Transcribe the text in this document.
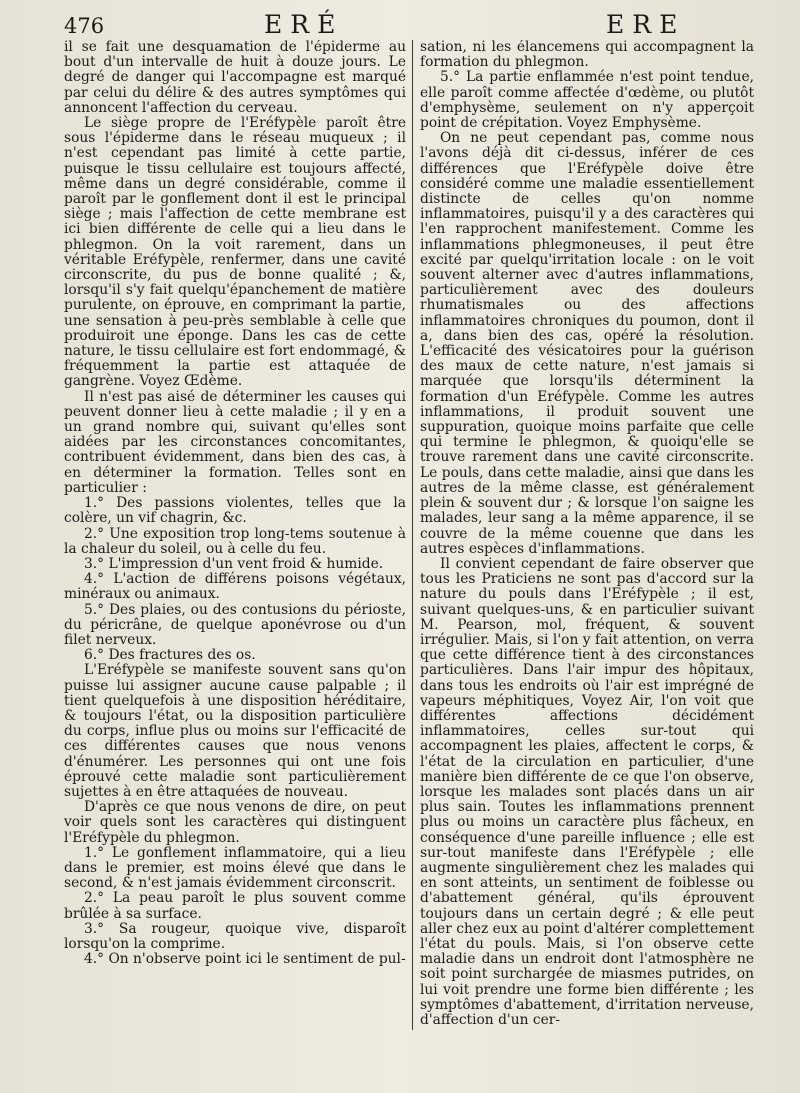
476	ERÉ	ERE

il se fait une desquamation de l'épiderme au bout d'un intervalle de huit à douze jours. Le degré de danger qui l'accompagne est marqué par celui du délire & des autres symptômes qui annoncent l'affection du cerveau.

Le siège propre de l'Eréfypèle paroît être sous l'épiderme dans le réseau muqueux ; il n'est cependant pas limité à cette partie, puisque le tissu cellulaire est toujours affecté, même dans un degré considérable, comme il paroît par le gonflement dont il est le principal siège ; mais l'affection de cette membrane est ici bien différente de celle qui a lieu dans le phlegmon. On la voit rarement, dans un véritable Eréfypèle, renfermer, dans une cavité circonscrite, du pus de bonne qualité ; &, lorsqu'il s'y fait quelqu'épanchement de matière purulente, on éprouve, en comprimant la partie, une sensation à peu-près semblable à celle que produiroit une éponge. Dans les cas de cette nature, le tissu cellulaire est fort endommagé, & fréquemment la partie est attaquée de gangrène. Voyez Œdème.

Il n'est pas aisé de déterminer les causes qui peuvent donner lieu à cette maladie ; il y en a un grand nombre qui, suivant qu'elles sont aidées par les circonstances concomitantes, contribuent évidemment, dans bien des cas, à en déterminer la formation. Telles sont en particulier :

1.° Des passions violentes, telles que la colère, un vif chagrin, &c.

2.° Une exposition trop long-tems soutenue à la chaleur du soleil, ou à celle du feu.

3.° L'impression d'un vent froid & humide.

4.° L'action de différens poisons végétaux, minéraux ou animaux.

5.° Des plaies, ou des contusions du périoste, du péricrâne, de quelque aponévrose ou d'un filet nerveux.

6.° Des fractures des os.

L'Eréfypèle se manifeste souvent sans qu'on puisse lui assigner aucune cause palpable ; il tient quelquefois à une disposition héréditaire, & toujours l'état, ou la disposition particulière du corps, influe plus ou moins sur l'efficacité de ces différentes causes que nous venons d'énumérer. Les personnes qui ont une fois éprouvé cette maladie sont particulièrement sujettes à en être attaquées de nouveau.

D'après ce que nous venons de dire, on peut voir quels sont les caractères qui distinguent l'Eréfypèle du phlegmon.

1.° Le gonflement inflammatoire, qui a lieu dans le premier, est moins élevé que dans le second, & n'est jamais évidemment circonscrit.

2.° La peau paroît le plus souvent comme brûlée à sa surface.

3.° Sa rougeur, quoique vive, disparoît lorsqu'on la comprime.

4.° On n'observe point ici le sentiment de pul-

sation, ni les élancemens qui accompagnent la formation du phlegmon.

5.° La partie enflammée n'est point tendue, elle paroît comme affectée d'œdème, ou plutôt d'emphysème, seulement on n'y apperçoit point de crépitation. Voyez Emphysème.

On ne peut cependant pas, comme nous l'avons déjà dit ci-dessus, inférer de ces différences que l'Eréfypèle doive être considéré comme une maladie essentiellement distincte de celles qu'on nomme inflammatoires, puisqu'il y a des caractères qui l'en rapprochent manifestement. Comme les inflammations phlegmoneuses, il peut être excité par quelqu'irritation locale : on le voit souvent alterner avec d'autres inflammations, particulièrement avec des douleurs rhumatismales ou des affections inflammatoires chroniques du poumon, dont il a, dans bien des cas, opéré la résolution. L'efficacité des vésicatoires pour la guérison des maux de cette nature, n'est jamais si marquée que lorsqu'ils déterminent la formation d'un Eréfypèle. Comme les autres inflammations, il produit souvent une suppuration, quoique moins parfaite que celle qui termine le phlegmon, & quoiqu'elle se trouve rarement dans une cavité circonscrite. Le pouls, dans cette maladie, ainsi que dans les autres de la même classe, est généralement plein & souvent dur ; & lorsque l'on saigne les malades, leur sang a la même apparence, il se couvre de la même couenne que dans les autres espèces d'inflammations.

Il convient cependant de faire observer que tous les Praticiens ne sont pas d'accord sur la nature du pouls dans l'Eréfypèle ; il est, suivant quelques-uns, & en particulier suivant M. Pearson, mol, fréquent, & souvent irrégulier. Mais, si l'on y fait attention, on verra que cette différence tient à des circonstances particulières. Dans l'air impur des hôpitaux, dans tous les endroits où l'air est imprégné de vapeurs méphitiques, Voyez Air, l'on voit que différentes affections décidément inflammatoires, celles sur-tout qui accompagnent les plaies, affectent le corps, & l'état de la circulation en particulier, d'une manière bien différente de ce que l'on observe, lorsque les malades sont placés dans un air plus sain. Toutes les inflammations prennent plus ou moins un caractère plus fâcheux, en conséquence d'une pareille influence ; elle est sur-tout manifeste dans l'Eréfypèle ; elle augmente singulièrement chez les malades qui en sont atteints, un sentiment de foiblesse ou d'abattement général, qu'ils éprouvent toujours dans un certain degré ; & elle peut aller chez eux au point d'altérer complettement l'état du pouls. Mais, si l'on observe cette maladie dans un endroit dont l'atmosphère ne soit point surchargée de miasmes putrides, on lui voit prendre une forme bien différente ; les symptômes d'abattement, d'irritation nerveuse, d'affection d'un cer-
